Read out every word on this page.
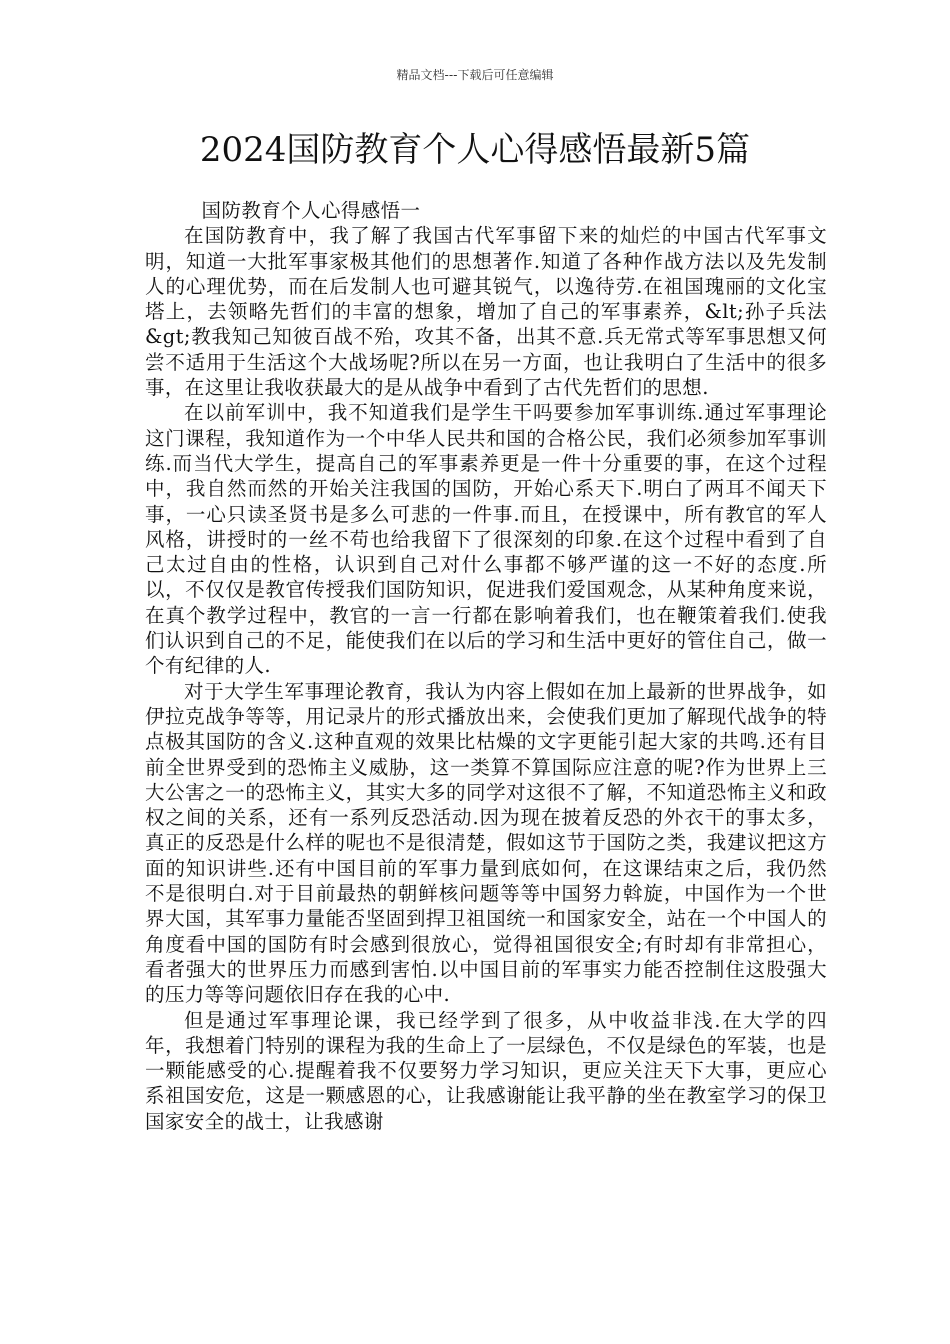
精品文档---下载后可任意编辑
2024国防教育个人心得感悟最新5篇

国防教育个人心得感悟一

在国防教育中，我了解了我国古代军事留下来的灿烂的中国古代军事文明，知道一大批军事家极其他们的思想著作.知道了各种作战方法以及先发制人的心理优势，而在后发制人也可避其锐气，以逸待劳.在祖国瑰丽的文化宝塔上，去领略先哲们的丰富的想象，增加了自己的军事素养，&lt;孙子兵法&gt;教我知己知彼百战不殆，攻其不备，出其不意.兵无常式等军事思想又何尝不适用于生活这个大战场呢?所以在另一方面，也让我明白了生活中的很多事，在这里让我收获最大的是从战争中看到了古代先哲们的思想.

在以前军训中，我不知道我们是学生干吗要参加军事训练.通过军事理论这门课程，我知道作为一个中华人民共和国的合格公民，我们必须参加军事训练.而当代大学生，提高自己的军事素养更是一件十分重要的事，在这个过程中，我自然而然的开始关注我国的国防，开始心系天下.明白了两耳不闻天下事，一心只读圣贤书是多么可悲的一件事.而且，在授课中，所有教官的军人风格，讲授时的一丝不苟也给我留下了很深刻的印象.在这个过程中看到了自己太过自由的性格，认识到自己对什么事都不够严谨的这一不好的态度.所以，不仅仅是教官传授我们国防知识，促进我们爱国观念，从某种角度来说，在真个教学过程中，教官的一言一行都在影响着我们，也在鞭策着我们.使我们认识到自己的不足，能使我们在以后的学习和生活中更好的管住自己，做一个有纪律的人.

对于大学生军事理论教育，我认为内容上假如在加上最新的世界战争，如伊拉克战争等等，用记录片的形式播放出来，会使我们更加了解现代战争的特点极其国防的含义.这种直观的效果比枯燥的文字更能引起大家的共鸣.还有目前全世界受到的恐怖主义威胁，这一类算不算国际应注意的呢?作为世界上三大公害之一的恐怖主义，其实大多的同学对这很不了解，不知道恐怖主义和政权之间的关系，还有一系列反恐活动.因为现在披着反恐的外衣干的事太多，真正的反恐是什么样的呢也不是很清楚，假如这节于国防之类，我建议把这方面的知识讲些.还有中国目前的军事力量到底如何，在这课结束之后，我仍然不是很明白.对于目前最热的朝鲜核问题等等中国努力斡旋，中国作为一个世界大国，其军事力量能否坚固到捍卫祖国统一和国家安全，站在一个中国人的角度看中国的国防有时会感到很放心，觉得祖国很安全;有时却有非常担心，看者强大的世界压力而感到害怕.以中国目前的军事实力能否控制住这股强大的压力等等问题依旧存在我的心中.

但是通过军事理论课，我已经学到了很多，从中收益非浅.在大学的四年，我想着门特别的课程为我的生命上了一层绿色，不仅是绿色的军装，也是一颗能感受的心.提醒着我不仅要努力学习知识，更应关注天下大事，更应心系祖国安危，这是一颗感恩的心，让我感谢能让我平静的坐在教室学习的保卫国家安全的战士，让我感谢
